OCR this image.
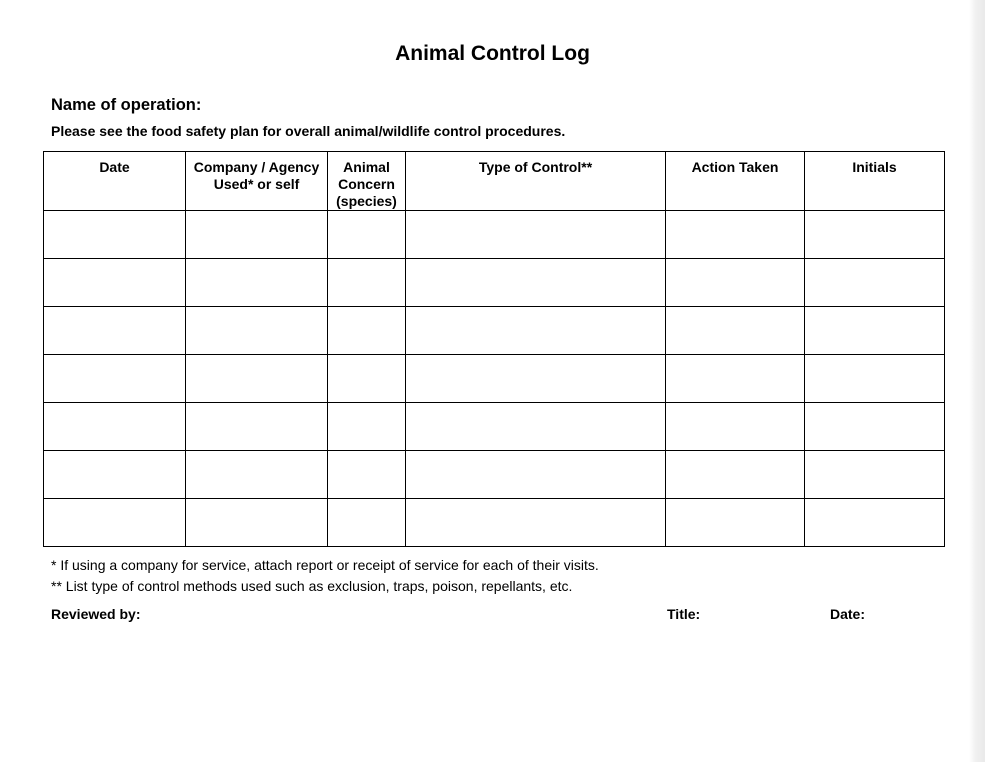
Animal Control Log
Name of operation:
Please see the food safety plan for overall animal/wildlife control procedures.
Date	Company / Agency Used* or self	Animal Concern (species)	Type of Control**	Action Taken	Initials

* If using a company for service, attach report or receipt of service for each of their visits.
** List type of control methods used such as exclusion, traps, poison, repellants, etc.
Reviewed by:	Title:	Date:
